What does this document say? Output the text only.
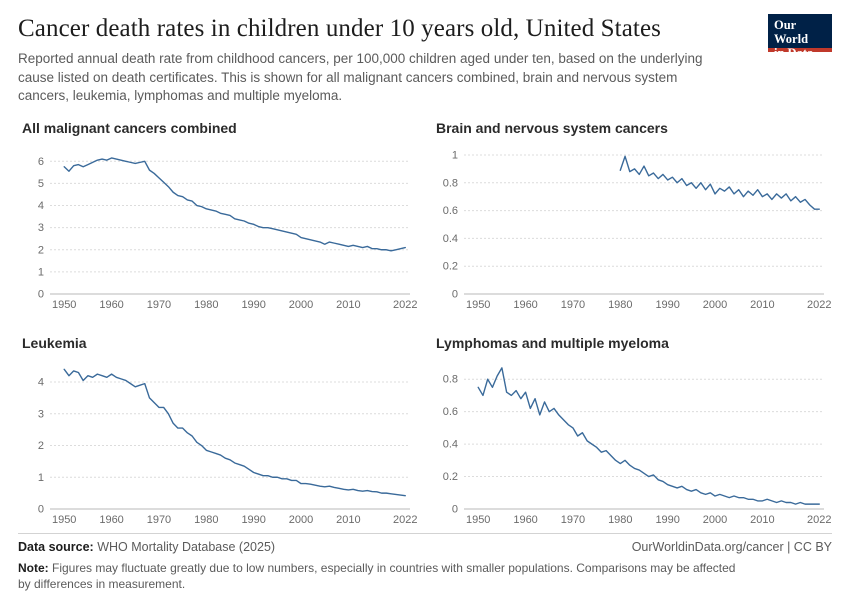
Cancer death rates in children under 10 years old, United States

Reported annual death rate from childhood cancers, per 100,000 children aged under ten, based on the underlying cause listed on death certificates. This is shown for all malignant cancers combined, brain and nervous system cancers, leukemia, lymphomas and multiple myeloma.

Our World
in Data
All malignant cancers combined
0
1
2
3
4
5
6
1950 1960 1970 1980 1990 2000 2010	2022
Brain and nervous system cancers
0
0.2
0.4
0.6
0.8
1
1950 1960 1970 1980 1990 2000 2010	2022
Leukemia
0
1
2
3
4
1950 1960 1970 1980 1990 2000 2010	2022
Lymphomas and multiple myeloma
0
0.2
0.4
0.6
0.8
1950 1960 1970 1980 1990 2000 2010	2022
Data source: WHO Mortality Database (2025)	OurWorldinData.org/cancer | CC BY
Note: Figures may fluctuate greatly due to low numbers, especially in countries with smaller populations. Comparisons may be affected by differences in measurement.
